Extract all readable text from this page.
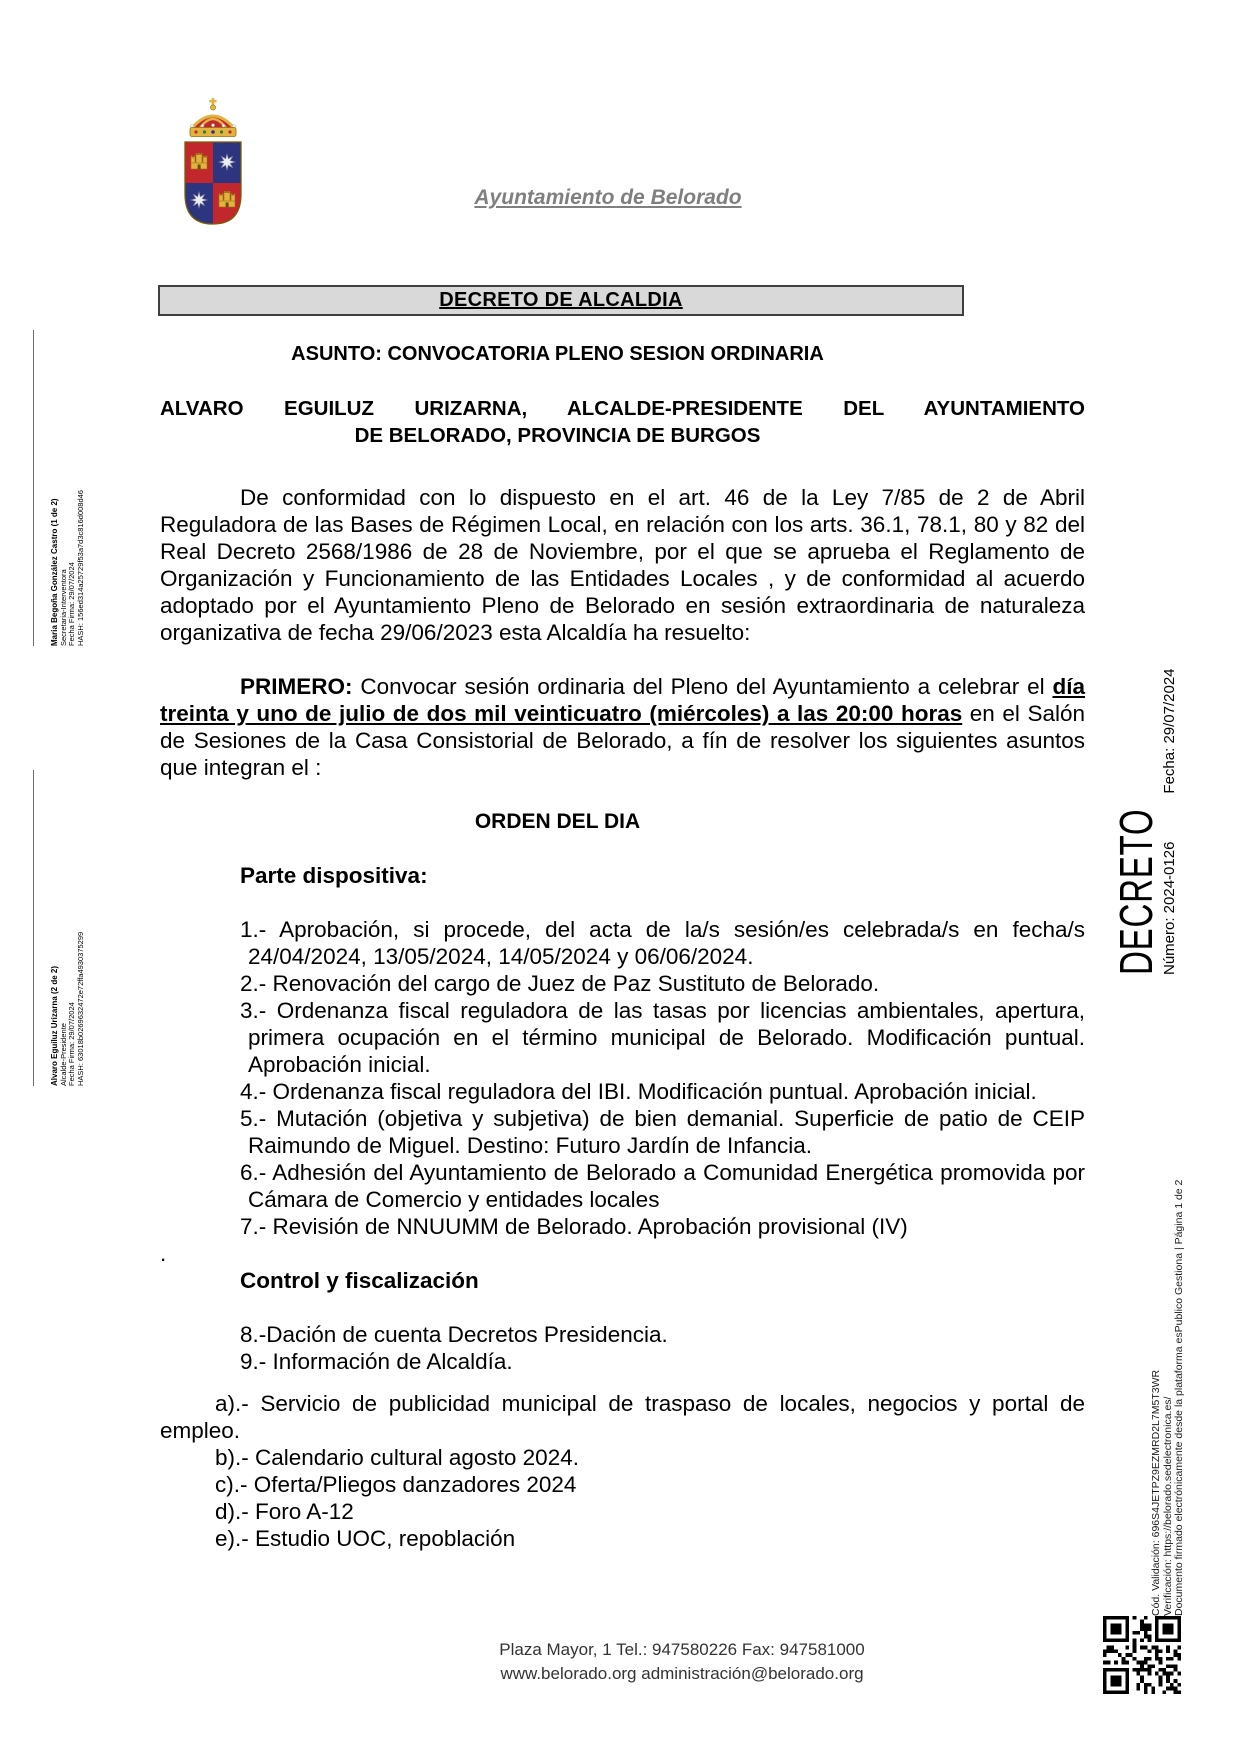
Ayuntamiento de Belorado
DECRETO DE ALCALDIA

ASUNTO: CONVOCATORIA PLENO SESION ORDINARIA

ALVARO EGUILUZ URIZARNA, ALCALDE-PRESIDENTE DEL AYUNTAMIENTO

DE BELORADO, PROVINCIA DE BURGOS

De conformidad con lo dispuesto en el art. 46 de la Ley 7/85 de 2 de Abril Reguladora de las Bases de Régimen Local, en relación con los arts. 36.1, 78.1, 80 y 82 del Real Decreto 2568/1986 de 28 de Noviembre, por el que se aprueba el Reglamento de Organización y Funcionamiento de las Entidades Locales , y de conformidad al acuerdo adoptado por el Ayuntamiento Pleno de Belorado en sesión extraordinaria de naturaleza organizativa de fecha 29/06/2023 esta Alcaldía ha resuelto:

PRIMERO: Convocar sesión ordinaria del Pleno del Ayuntamiento a celebrar el día treinta y uno de julio de dos mil veinticuatro (miércoles) a las 20:00 horas en el Salón de Sesiones de la Casa Consistorial de Belorado, a fín de resolver los siguientes asuntos que integran el :

ORDEN DEL DIA

Parte dispositiva:

1.- Aprobación, si procede, del acta de la/s sesión/es celebrada/s en fecha/s 24/04/2024, 13/05/2024, 14/05/2024 y 06/06/2024.

2.- Renovación del cargo de Juez de Paz Sustituto de Belorado.

3.- Ordenanza fiscal reguladora de las tasas por licencias ambientales, apertura, primera ocupación en el término municipal de Belorado. Modificación puntual. Aprobación inicial.

4.- Ordenanza fiscal reguladora del IBI. Modificación puntual. Aprobación inicial.

5.- Mutación (objetiva y subjetiva) de bien demanial. Superficie de patio de CEIP Raimundo de Miguel. Destino: Futuro Jardín de Infancia.

6.- Adhesión del Ayuntamiento de Belorado a Comunidad Energética promovida por Cámara de Comercio y entidades locales

7.- Revisión de NNUUMM de Belorado. Aprobación provisional (IV)

.

Control y fiscalización

8.-Dación de cuenta Decretos Presidencia.

9.- Información de Alcaldía.

a).- Servicio de publicidad municipal de traspaso de locales, negocios y portal de empleo.

b).- Calendario cultural agosto 2024.

c).- Oferta/Pliegos danzadores 2024

d).- Foro A-12

e).- Estudio UOC, repoblación

Plaza Mayor, 1 Tel.: 947580226 Fax: 947581000

www.belorado.org administración@belorado.org

Maria Begoña González Castro (1 de 2) Secretaria-Interventora Fecha Firma: 29/07/2024 HASH: 156ed314a25729f53a7d3c816d008d46
Alvaro Eguíluz Urizarna (2 de 2) Alcalde-Presidente Fecha Firma: 29/07/2024 HASH: 63018b0269632472e72ffa4930375299
DECRETO Número: 2024-0126Fecha: 29/07/2024
Cód. Validación: 696S4JETPZ9EZMRD2L7M5T3WR Verificación: https://belorado.sedelectronica.es/ Documento firmado electrónicamente desde la plataforma esPublico Gestiona | Página 1 de 2
